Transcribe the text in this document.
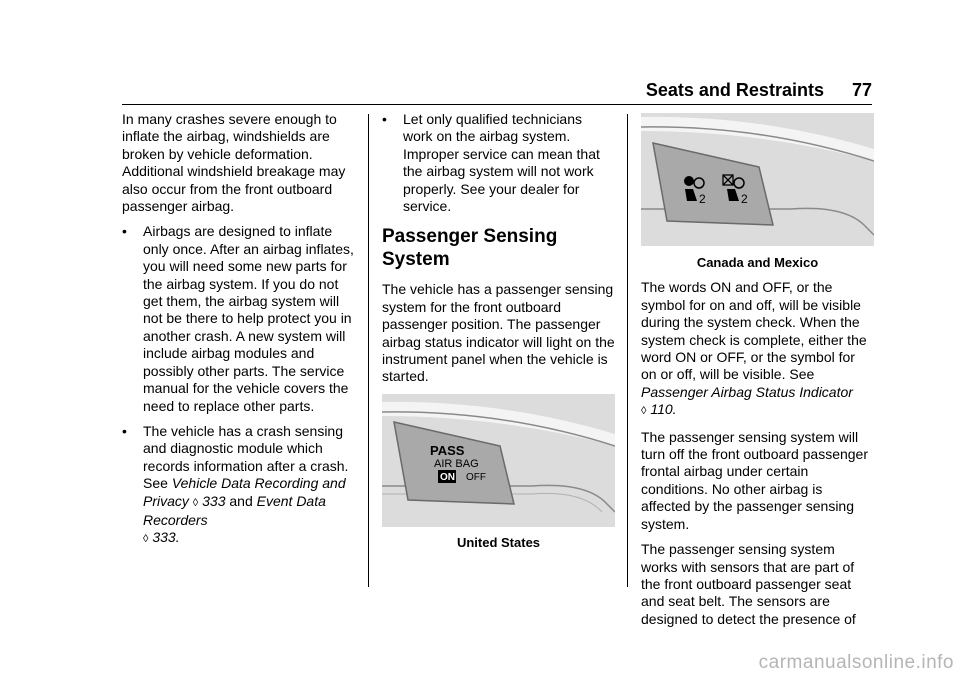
Seats and Restraints 77

In many crashes severe enough to inflate the airbag, windshields are broken by vehicle deformation. Additional windshield breakage may also occur from the front outboard passenger airbag.

•	Airbags are designed to inflate only once. After an airbag inflates, you will need some new parts for the airbag system. If you do not get them, the airbag system will not be there to help protect you in another crash. A new system will include airbag modules and possibly other parts. The service manual for the vehicle covers the need to replace other parts.
•	The vehicle has a crash sensing and diagnostic module which records information after a crash. See Vehicle Data Recording and Privacy ◊ 333 and Event Data Recorders
◊ 333.
•	Let only qualified technicians work on the airbag system. Improper service can mean that the airbag system will not work properly. See your dealer for service.
Passenger Sensing System

The vehicle has a passenger sensing system for the front outboard passenger position. The passenger airbag status indicator will light on the instrument panel when the vehicle is started.

PASS
AIR BAG
ON OFF
United States
2	2
Canada and Mexico

The words ON and OFF, or the symbol for on and off, will be visible during the system check. When the system check is complete, either the word ON or OFF, or the symbol for on or off, will be visible. See Passenger Airbag Status Indicator
◊ 110.

The passenger sensing system will turn off the front outboard passenger frontal airbag under certain conditions. No other airbag is affected by the passenger sensing system.

The passenger sensing system works with sensors that are part of the front outboard passenger seat and seat belt. The sensors are designed to detect the presence of

carmanualsonline.info
